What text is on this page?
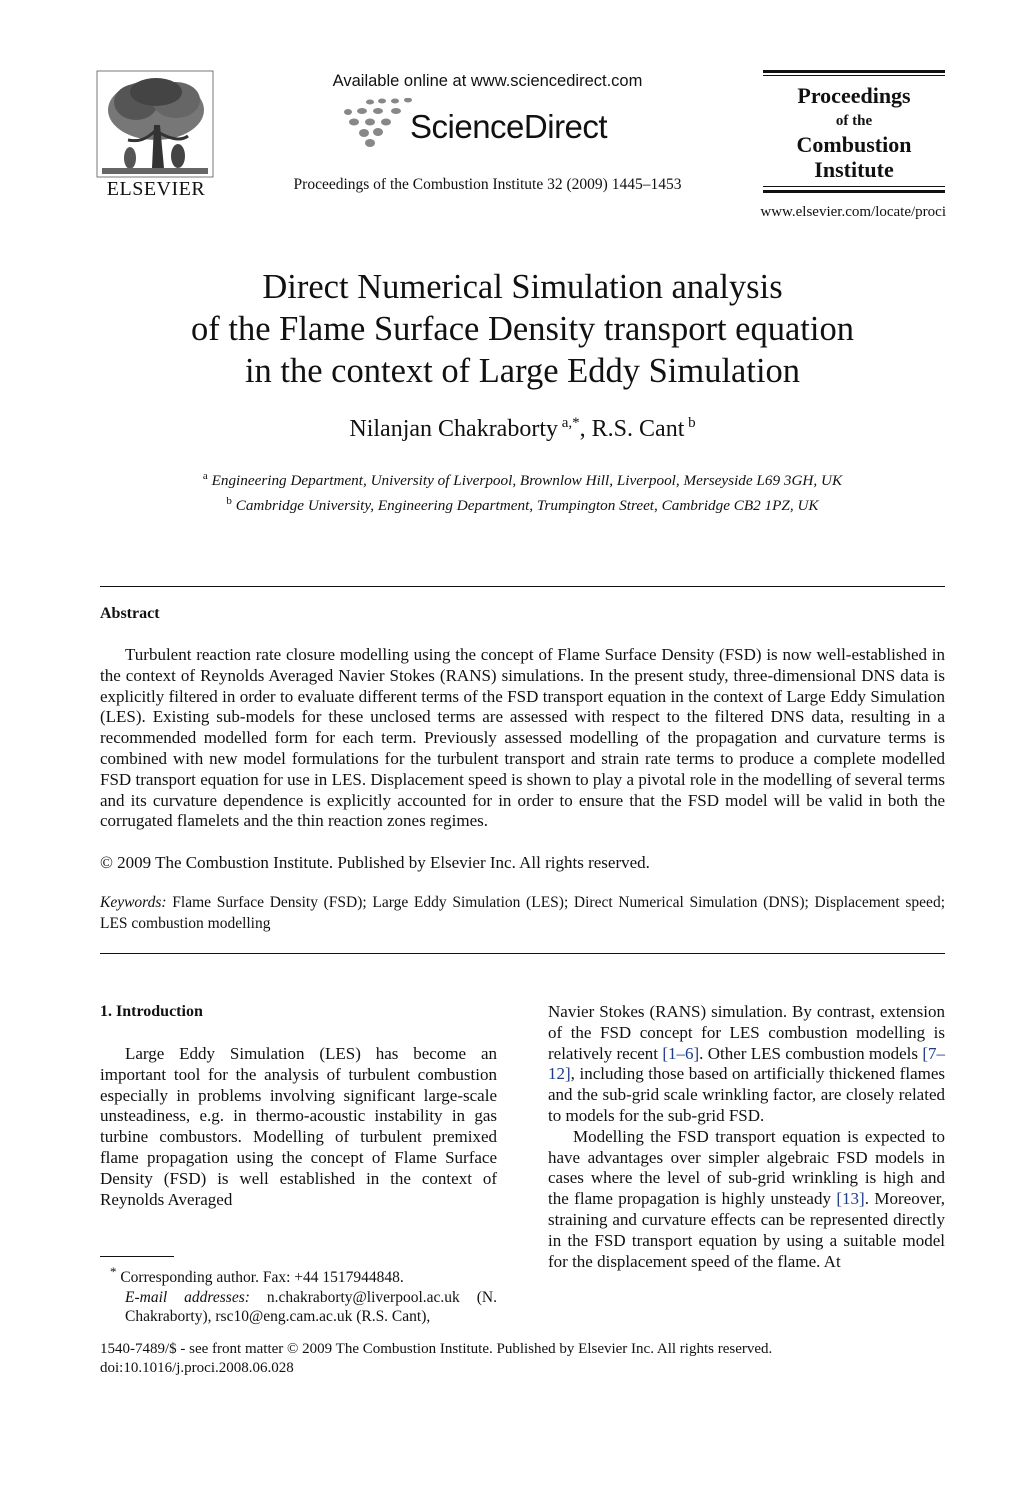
ELSEVIER
Available online at www.sciencedirect.com
ScienceDirect
Proceedings of the Combustion Institute 32 (2009) 1445–1453
Proceedings
of the
Combustion
Institute
www.elsevier.com/locate/proci
Direct Numerical Simulation analysis
of the Flame Surface Density transport equation
in the context of Large Eddy Simulation
Nilanjan Chakraborty $^{a,*}$, R.S. Cant $^b$
$^a$ Engineering Department, University of Liverpool, Brownlow Hill, Liverpool, Merseyside L69 3GH, UK
$^b$ Cambridge University, Engineering Department, Trumpington Street, Cambridge CB2 1PZ, UK
Abstract
Turbulent reaction rate closure modelling using the concept of Flame Surface Density (FSD) is now well-established in the context of Reynolds Averaged Navier Stokes (RANS) simulations. In the present study, three-dimensional DNS data is explicitly filtered in order to evaluate different terms of the FSD transport equation in the context of Large Eddy Simulation (LES). Existing sub-models for these unclosed terms are assessed with respect to the filtered DNS data, resulting in a recommended modelled form for each term. Previously assessed modelling of the propagation and curvature terms is combined with new model formulations for the turbulent transport and strain rate terms to produce a complete modelled FSD transport equation for use in LES. Displacement speed is shown to play a pivotal role in the modelling of several terms and its curvature dependence is explicitly accounted for in order to ensure that the FSD model will be valid in both the corrugated flamelets and the thin reaction zones regimes.
© 2009 The Combustion Institute. Published by Elsevier Inc. All rights reserved.
Keywords: Flame Surface Density (FSD); Large Eddy Simulation (LES); Direct Numerical Simulation (DNS); Displacement speed; LES combustion modelling
1. Introduction

Large Eddy Simulation (LES) has become an important tool for the analysis of turbulent combustion especially in problems involving significant large-scale unsteadiness, e.g. in thermo-acoustic instability in gas turbine combustors. Modelling of turbulent premixed flame propagation using the concept of Flame Surface Density (FSD) is well established in the context of Reynolds Averaged

Navier Stokes (RANS) simulation. By contrast, extension of the FSD concept for LES combustion modelling is relatively recent [1–6]. Other LES combustion models [7–12], including those based on artificially thickened flames and the sub-grid scale wrinkling factor, are closely related to models for the sub-grid FSD.

Modelling the FSD transport equation is expected to have advantages over simpler algebraic FSD models in cases where the level of sub-grid wrinkling is high and the flame propagation is highly unsteady [13]. Moreover, straining and curvature effects can be represented directly in the FSD transport equation by using a suitable model for the displacement speed of the flame. At

* Corresponding author. Fax: +44 1517944848.
E-mail addresses: n.chakraborty@liverpool.ac.uk (N. Chakraborty), rsc10@eng.cam.ac.uk (R.S. Cant),
1540-7489/$ - see front matter © 2009 The Combustion Institute. Published by Elsevier Inc. All rights reserved.
doi:10.1016/j.proci.2008.06.028
